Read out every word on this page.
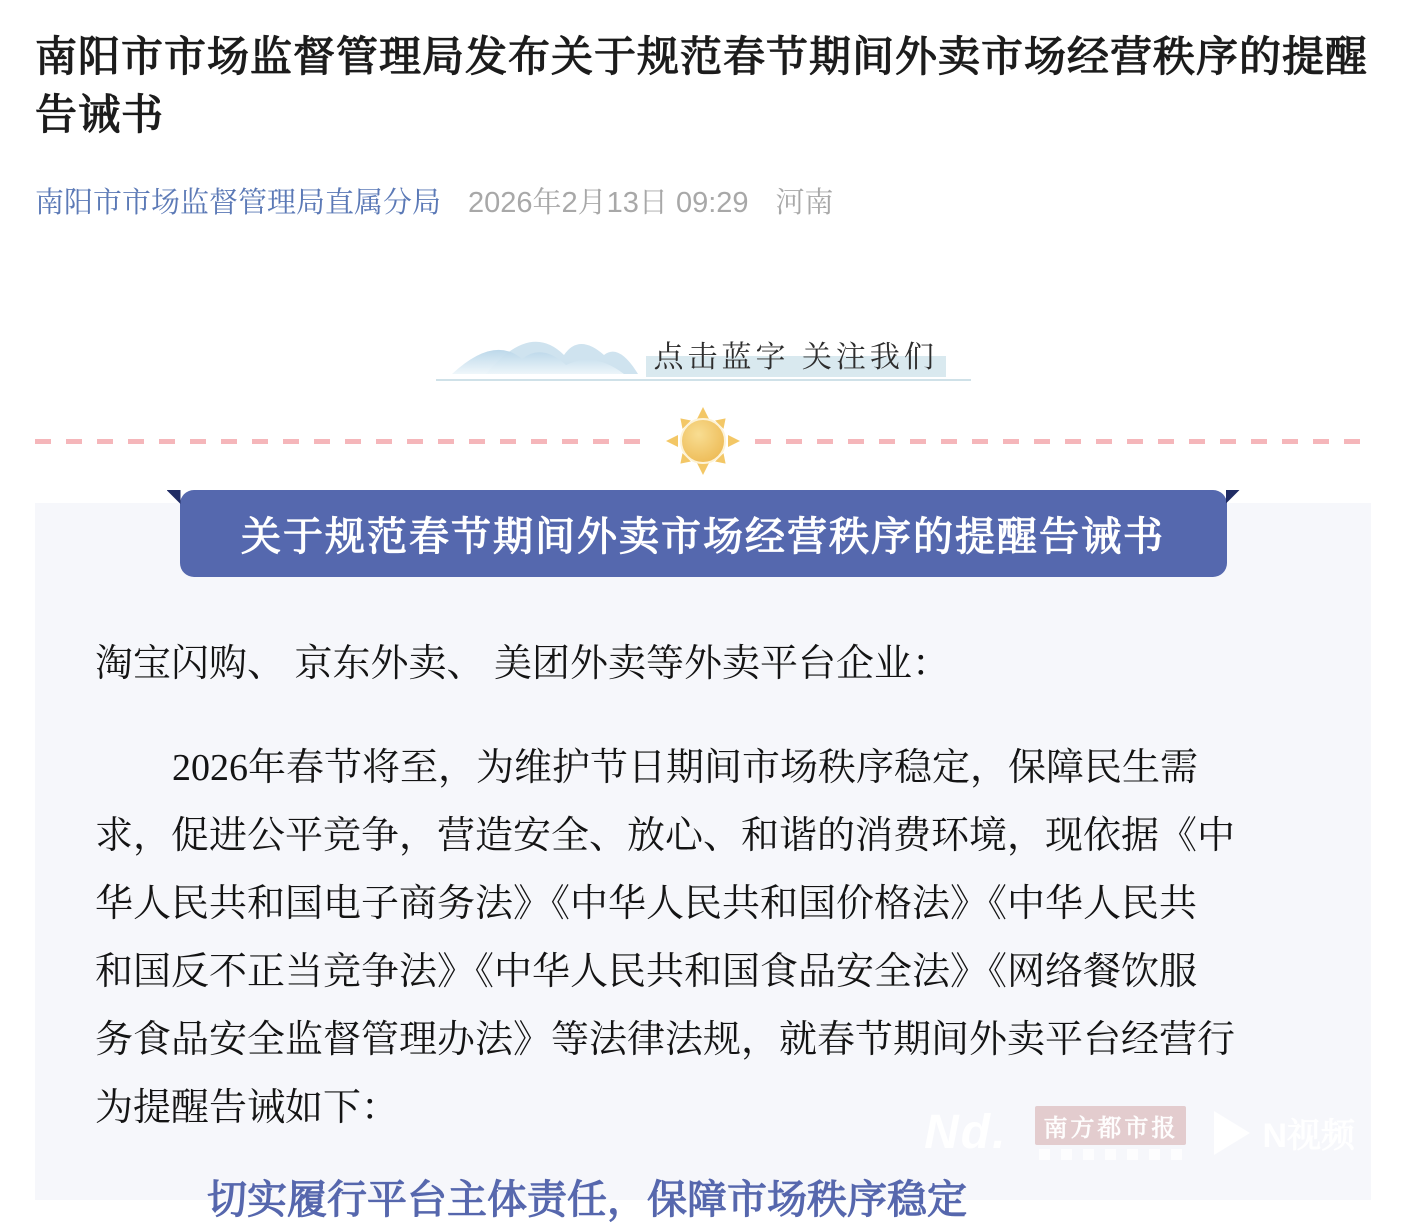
南阳市市场监督管理局发布关于规范春节期间外卖市场经营秩序的提醒告诫书
南阳市市场监督管理局直属分局 2026年2月13日 09:29 河南
点击蓝字 关注我们
关于规范春节期间外卖市场经营秩序的提醒告诫书

淘宝闪购、 京东外卖、 美团外卖等外卖平台企业：

2026年春节将至，为维护节日期间市场秩序稳定，保障民生需
求，促进公平竞争，营造安全、放心、和谐的消费环境，现依据《中
华人民共和国电子商务法》《中华人民共和国价格法》《中华人民共
和国反不正当竞争法》《中华人民共和国食品安全法》《网络餐饮服
务食品安全监督管理办法》等法律法规，就春节期间外卖平台经营行
为提醒告诫如下：
切实履行平台主体责任，保障市场秩序稳定
Nd.	南方都市报 N视频
